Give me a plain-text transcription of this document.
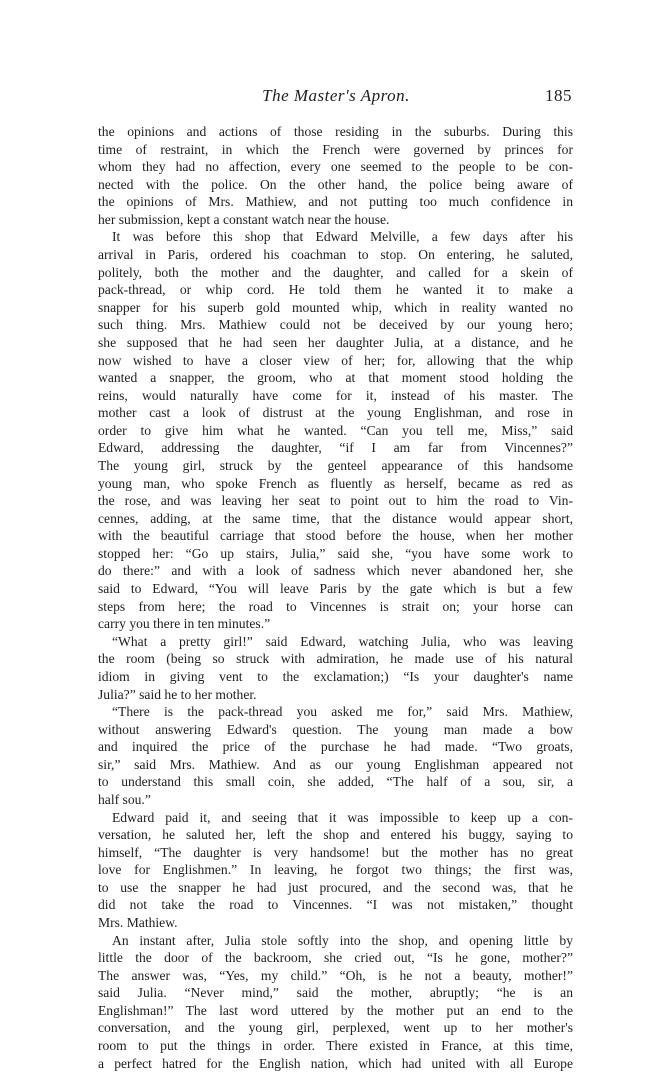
The Master's Apron.	185
the opinions and actions of those residing in the suburbs. During this
time of restraint, in which the French were governed by princes for
whom they had no affection, every one seemed to the people to be con-
nected with the police. On the other hand, the police being aware of
the opinions of Mrs. Mathiew, and not putting too much confidence in
her submission, kept a constant watch near the house.
It was before this shop that Edward Melville, a few days after his
arrival in Paris, ordered his coachman to stop. On entering, he saluted,
politely, both the mother and the daughter, and called for a skein of
pack-thread, or whip cord. He told them he wanted it to make a
snapper for his superb gold mounted whip, which in reality wanted no
such thing. Mrs. Mathiew could not be deceived by our young hero;
she supposed that he had seen her daughter Julia, at a distance, and he
now wished to have a closer view of her; for, allowing that the whip
wanted a snapper, the groom, who at that moment stood holding the
reins, would naturally have come for it, instead of his master. The
mother cast a look of distrust at the young Englishman, and rose in
order to give him what he wanted. “Can you tell me, Miss,” said
Edward, addressing the daughter, “if I am far from Vincennes?”
The young girl, struck by the genteel appearance of this handsome
young man, who spoke French as fluently as herself, became as red as
the rose, and was leaving her seat to point out to him the road to Vin-
cennes, adding, at the same time, that the distance would appear short,
with the beautiful carriage that stood before the house, when her mother
stopped her: “Go up stairs, Julia,” said she, “you have some work to
do there:” and with a look of sadness which never abandoned her, she
said to Edward, “You will leave Paris by the gate which is but a few
steps from here; the road to Vincennes is strait on; your horse can
carry you there in ten minutes.”
“What a pretty girl!” said Edward, watching Julia, who was leaving
the room (being so struck with admiration, he made use of his natural
idiom in giving vent to the exclamation;) “Is your daughter's name
Julia?” said he to her mother.
“There is the pack-thread you asked me for,” said Mrs. Mathiew,
without answering Edward's question. The young man made a bow
and inquired the price of the purchase he had made. “Two groats,
sir,” said Mrs. Mathiew. And as our young Englishman appeared not
to understand this small coin, she added, “The half of a sou, sir, a
half sou.”
Edward paid it, and seeing that it was impossible to keep up a con-
versation, he saluted her, left the shop and entered his buggy, saying to
himself, “The daughter is very handsome! but the mother has no great
love for Englishmen.” In leaving, he forgot two things; the first was,
to use the snapper he had just procured, and the second was, that he
did not take the road to Vincennes. “I was not mistaken,” thought
Mrs. Mathiew.
An instant after, Julia stole softly into the shop, and opening little by
little the door of the backroom, she cried out, “Is he gone, mother?”
The answer was, “Yes, my child.” “Oh, is he not a beauty, mother!”
said Julia. “Never mind,” said the mother, abruptly; “he is an
Englishman!” The last word uttered by the mother put an end to the
conversation, and the young girl, perplexed, went up to her mother's
room to put the things in order. There existed in France, at this time,
a perfect hatred for the English nation, which had united with all Europe
